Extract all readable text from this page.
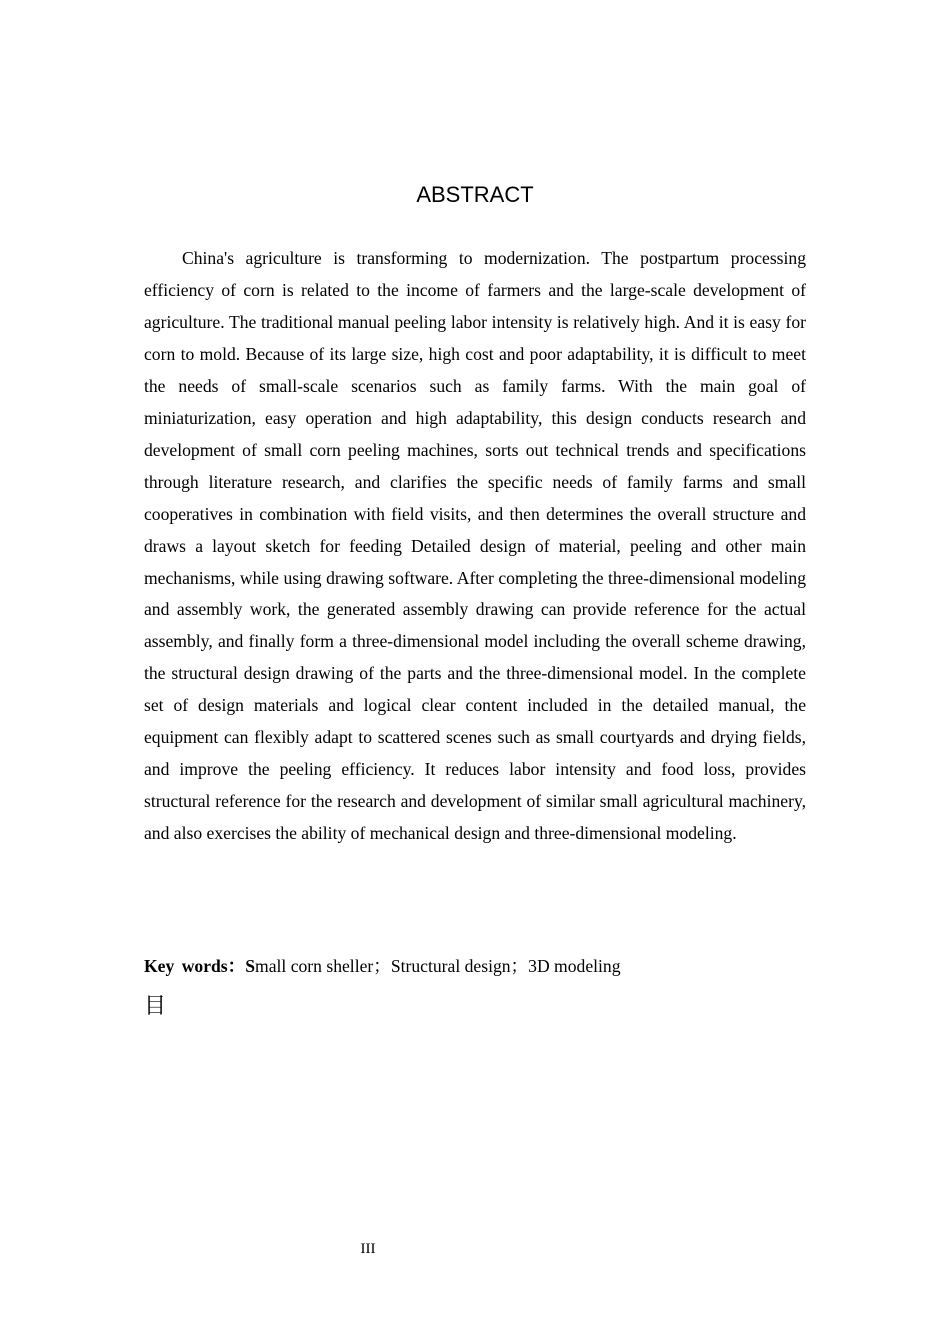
ABSTRACT

China's agriculture is transforming to modernization. The postpartum processing efficiency of corn is related to the income of farmers and the large-scale development of agriculture. The traditional manual peeling labor intensity is relatively high. And it is easy for corn to mold. Because of its large size, high cost and poor adaptability, it is difficult to meet the needs of small-scale scenarios such as family farms. With the main goal of miniaturization, easy operation and high adaptability, this design conducts research and development of small corn peeling machines, sorts out technical trends and specifications through literature research, and clarifies the specific needs of family farms and small cooperatives in combination with field visits, and then determines the overall structure and draws a layout sketch for feeding Detailed design of material, peeling and other main mechanisms, while using drawing software. After completing the three-dimensional modeling and assembly work, the generated assembly drawing can provide reference for the actual assembly, and finally form a three-dimensional model including the overall scheme drawing, the structural design drawing of the parts and the three-dimensional model. In the complete set of design materials and logical clear content included in the detailed manual, the equipment can flexibly adapt to scattered scenes such as small courtyards and drying fields, and improve the peeling efficiency. It reduces labor intensity and food loss, provides structural reference for the research and development of similar small agricultural machinery, and also exercises the ability of mechanical design and three-dimensional modeling.

Key words：Small corn sheller；Structural design；3D modeling

目

III
